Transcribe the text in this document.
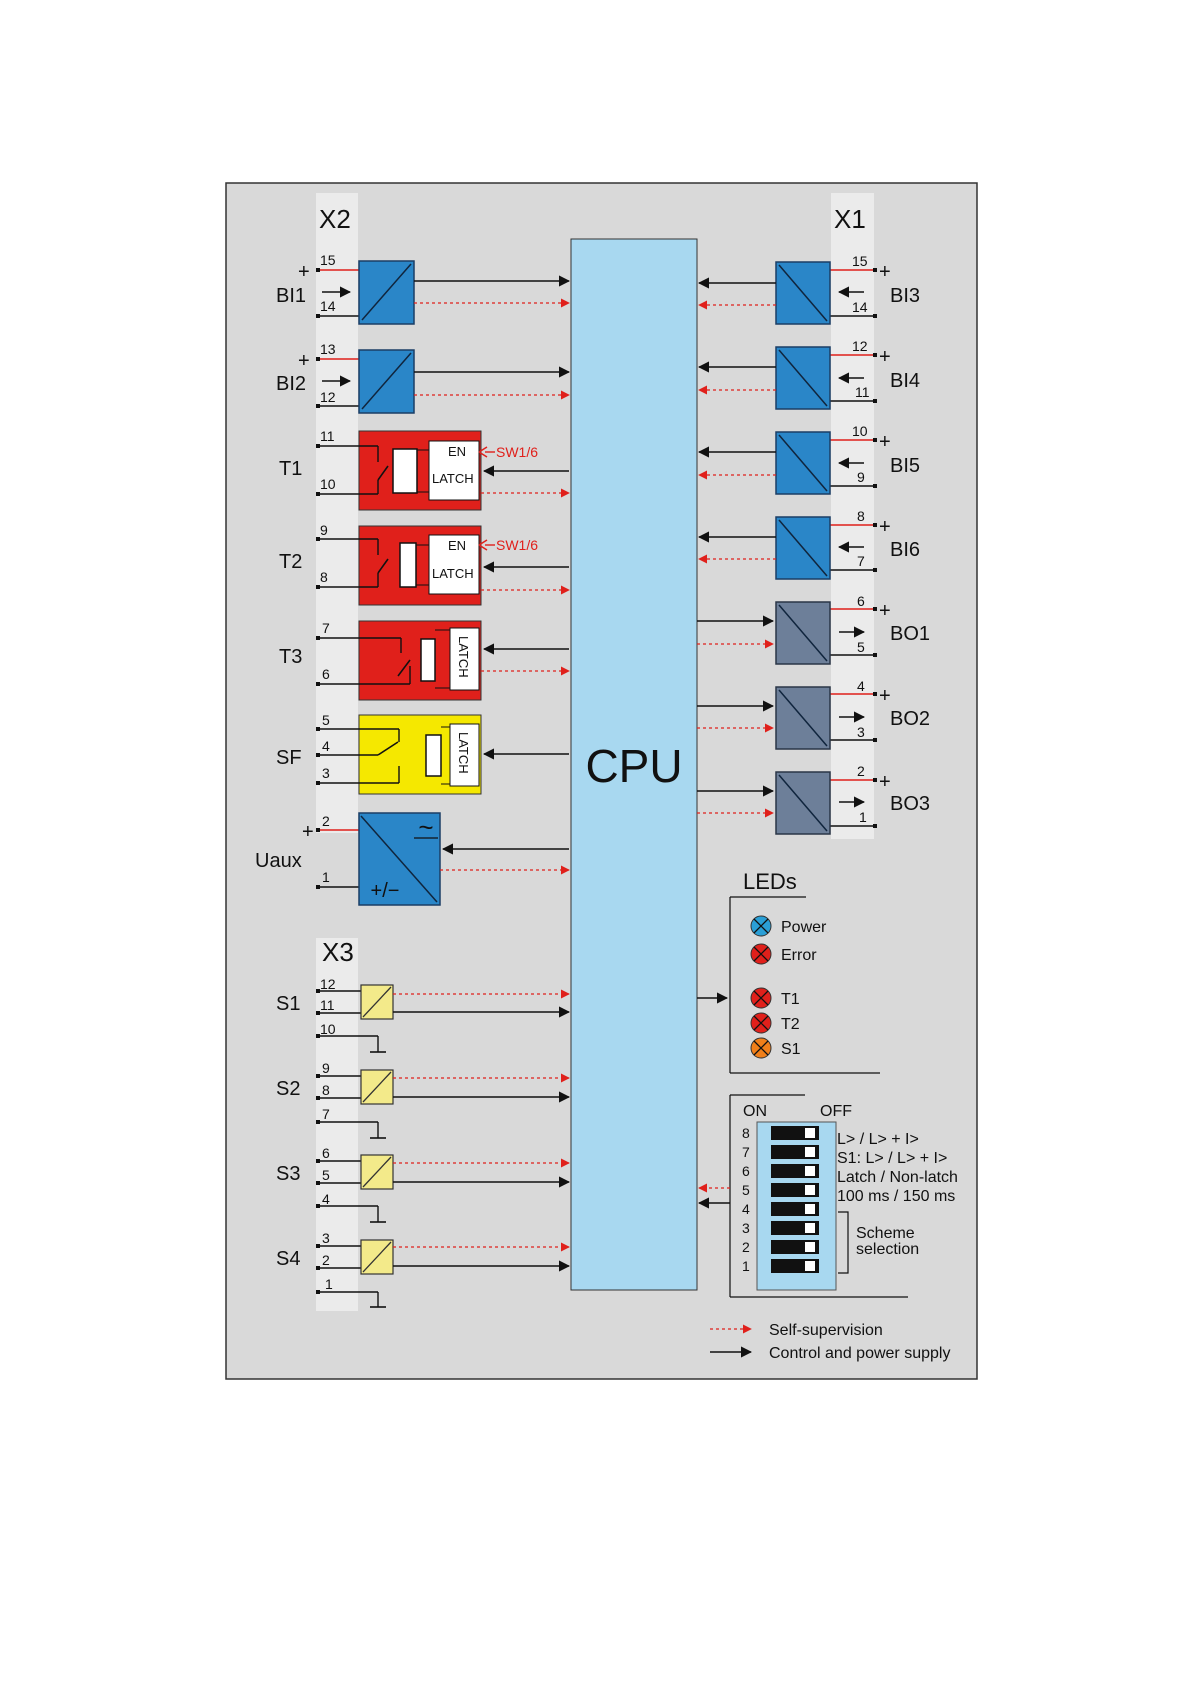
X2	X1
X3
CPU
15
14
+
BI1
13
12
+
BI2
11
10
T1
EN
LATCH
SW1/6
9
8
T2
EN
LATCH
SW1/6
7
6
T3	LATCH
5
4
3
SF	LATCH
2
1
+
Uaux
~
+/−
12
11
10
S1
9
8
7
S2
6
5
4
S3
3
2
1
S4
15
14
+
BI3
12
11
+
BI4
10
9
+
BI5
8
7
+
BI6
6
5
+
BO1
4
3
+
BO2
2
1
+
BO3
LEDs
Power
Error
T1
T2
S1
ON	OFF
8
7
6
5
4
3
2
1
L> / L> + I>
S1: L> / L> + I>
Latch / Non-latch
100 ms / 150 ms
Scheme
selection
Self-supervision
Control and power supply
